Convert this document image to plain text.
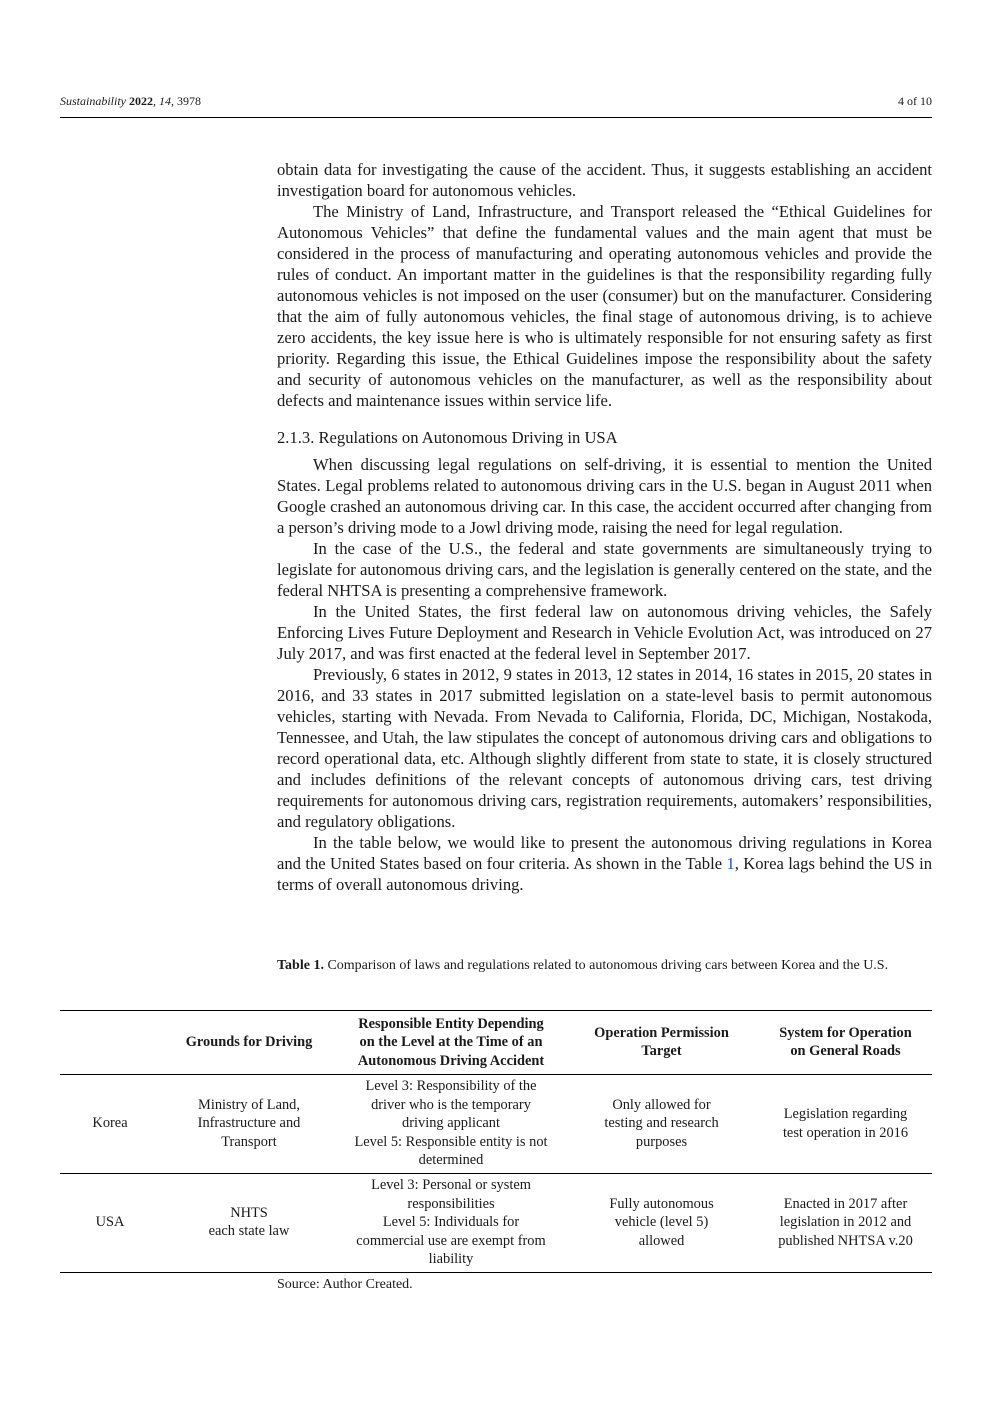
Sustainability 2022, 14, 3978	4 of 10

obtain data for investigating the cause of the accident. Thus, it suggests establishing an accident investigation board for autonomous vehicles.

The Ministry of Land, Infrastructure, and Transport released the “Ethical Guidelines for Autonomous Vehicles” that define the fundamental values and the main agent that must be considered in the process of manufacturing and operating autonomous vehicles and provide the rules of conduct. An important matter in the guidelines is that the responsibility regarding fully autonomous vehicles is not imposed on the user (consumer) but on the manufacturer. Considering that the aim of fully autonomous vehicles, the final stage of autonomous driving, is to achieve zero accidents, the key issue here is who is ultimately responsible for not ensuring safety as first priority. Regarding this issue, the Ethical Guidelines impose the responsibility about the safety and security of autonomous vehicles on the manufacturer, as well as the responsibility about defects and maintenance issues within service life.

2.1.3. Regulations on Autonomous Driving in USA

When discussing legal regulations on self-driving, it is essential to mention the United States. Legal problems related to autonomous driving cars in the U.S. began in August 2011 when Google crashed an autonomous driving car. In this case, the accident occurred after changing from a person’s driving mode to a Jowl driving mode, raising the need for legal regulation.

In the case of the U.S., the federal and state governments are simultaneously trying to legislate for autonomous driving cars, and the legislation is generally centered on the state, and the federal NHTSA is presenting a comprehensive framework.

In the United States, the first federal law on autonomous driving vehicles, the Safely Enforcing Lives Future Deployment and Research in Vehicle Evolution Act, was introduced on 27 July 2017, and was first enacted at the federal level in September 2017.

Previously, 6 states in 2012, 9 states in 2013, 12 states in 2014, 16 states in 2015, 20 states in 2016, and 33 states in 2017 submitted legislation on a state-level basis to permit autonomous vehicles, starting with Nevada. From Nevada to California, Florida, DC, Michigan, Nostakoda, Tennessee, and Utah, the law stipulates the concept of autonomous driving cars and obligations to record operational data, etc. Although slightly different from state to state, it is closely structured and includes definitions of the relevant concepts of autonomous driving cars, test driving requirements for autonomous driving cars, registration requirements, automakers’ responsibilities, and regulatory obligations.

In the table below, we would like to present the autonomous driving regulations in Korea and the United States based on four criteria. As shown in the Table 1, Korea lags behind the US in terms of overall autonomous driving.

Table 1. Comparison of laws and regulations related to autonomous driving cars between Korea and the U.S.

	Grounds for Driving	Responsible Entity Depending
on the Level at the Time of an
Autonomous Driving Accident	Operation Permission
Target	System for Operation
on General Roads

Korea	Ministry of Land,
Infrastructure and
Transport	Level 3: Responsibility of the
driver who is the temporary
driving applicant
Level 5: Responsible entity is not
determined	Only allowed for
testing and research
purposes	Legislation regarding
test operation in 2016

USA	NHTS
each state law	Level 3: Personal or system
responsibilities
Level 5: Individuals for
commercial use are exempt from
liability	Fully autonomous
vehicle (level 5)
allowed	Enacted in 2017 after
legislation in 2012 and
published NHTSA v.20
Source: Author Created.
